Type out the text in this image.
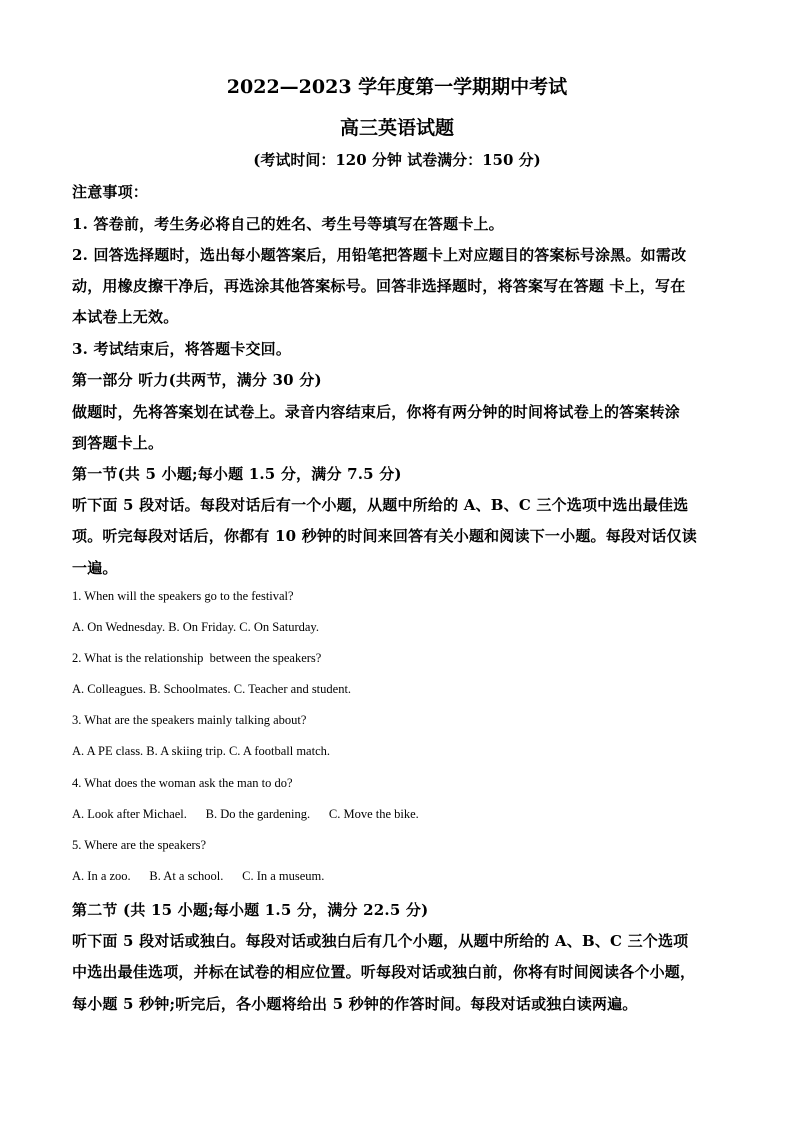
2022—2023 学年度第一学期期中考试
高三英语试题
(考试时间：120 分钟 试卷满分：150 分)
注意事项：
1. 答卷前，考生务必将自己的姓名、考生号等填写在答题卡上。
2. 回答选择题时，选出每小题答案后，用铅笔把答题卡上对应题目的答案标号涂黑。如需改
动，用橡皮擦干净后，再选涂其他答案标号。回答非选择题时，将答案写在答题 卡上，写在
本试卷上无效。
3. 考试结束后，将答题卡交回。
第一部分 听力(共两节，满分 30 分)
做题时，先将答案划在试卷上。录音内容结束后，你将有两分钟的时间将试卷上的答案转涂
到答题卡上。
第一节(共 5 小题;每小题 1.5 分，满分 7.5 分)
听下面 5 段对话。每段对话后有一个小题，从题中所给的 A、B、C 三个选项中选出最佳选
项。听完每段对话后，你都有 10 秒钟的时间来回答有关小题和阅读下一小题。每段对话仅读
一遍。
1. When will the speakers go to the festival?
A. On Wednesday. B. On Friday. C. On Saturday.
2. What is the relationship  between the speakers?
A. Colleagues. B. Schoolmates. C. Teacher and student.
3. What are the speakers mainly talking about?
A. A PE class. B. A skiing trip. C. A football match.
4. What does the woman ask the man to do?
A. Look after Michael.      B. Do the gardening.      C. Move the bike.
5. Where are the speakers?
A. In a zoo.      B. At a school.      C. In a museum.
第二节 (共 15 小题;每小题 1.5 分，满分 22.5 分)
听下面 5 段对话或独白。每段对话或独白后有几个小题，从题中所给的 A、B、C 三个选项
中选出最佳选项，并标在试卷的相应位置。听每段对话或独白前，你将有时间阅读各个小题，
每小题 5 秒钟;听完后，各小题将给出 5 秒钟的作答时间。每段对话或独白读两遍。
